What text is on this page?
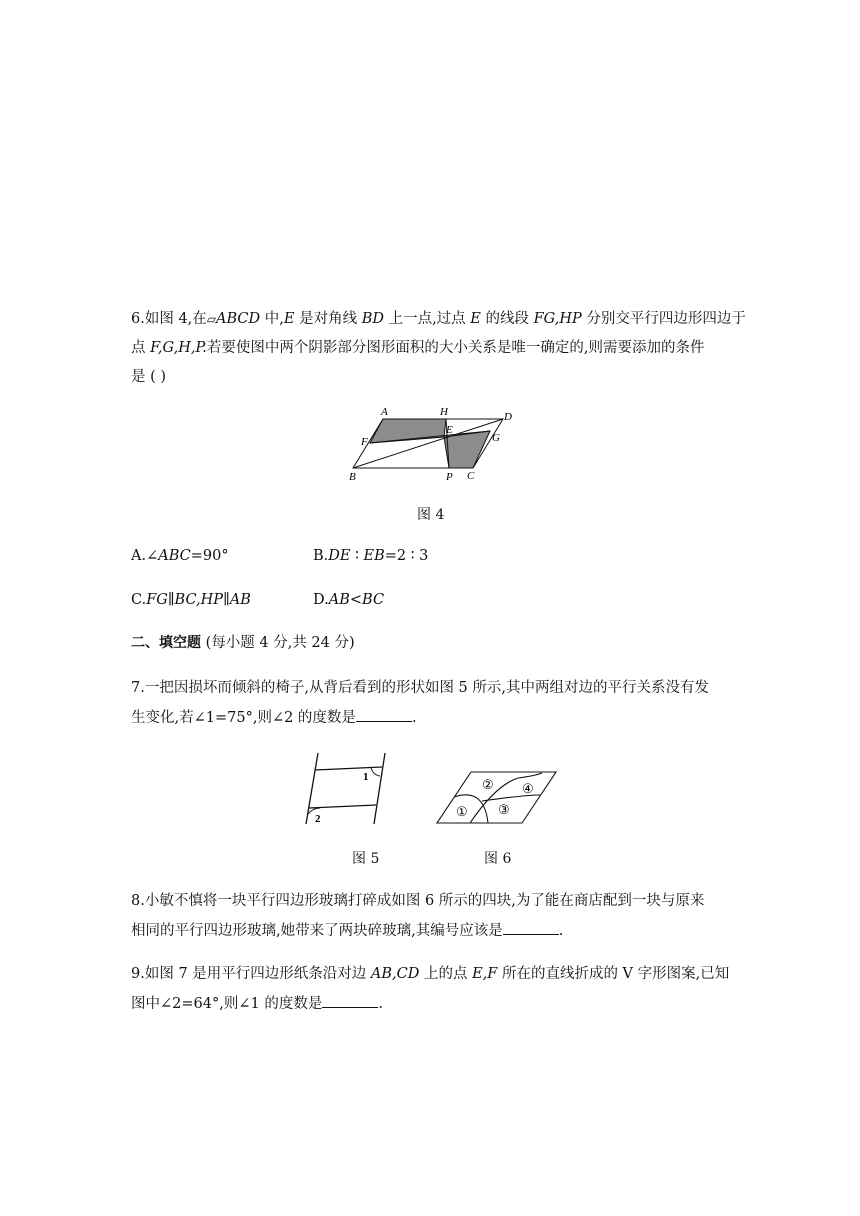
6.如图 4,在▱ABCD 中,E 是对角线 BD 上一点,过点 E 的线段 FG,HP 分别交平行四边形四边于
点 F,G,H,P.若要使图中两个阴影部分图形面积的大小关系是唯一确定的,则需要添加的条件
是 ( )
A	H	D
F
E
G
B	P C
图 4
A.∠ABC=90°	B.DE ∶ EB=2 ∶ 3
C.FG∥BC,HP∥AB	D.AB<BC
二、填空题 (每小题 4 分,共 24 分)
7.一把因损坏而倾斜的椅子,从背后看到的形状如图 5 所示,其中两组对边的平行关系没有发
生变化,若∠1=75°,则∠2 的度数是	.
1
2	①
②
③
④
图 5	图 6
8.小敏不慎将一块平行四边形玻璃打碎成如图 6 所示的四块,为了能在商店配到一块与原来
相同的平行四边形玻璃,她带来了两块碎玻璃,其编号应该是	.
9.如图 7 是用平行四边形纸条沿对边 AB,CD 上的点 E,F 所在的直线折成的 V 字形图案,已知
图中∠2=64°,则∠1 的度数是	.
